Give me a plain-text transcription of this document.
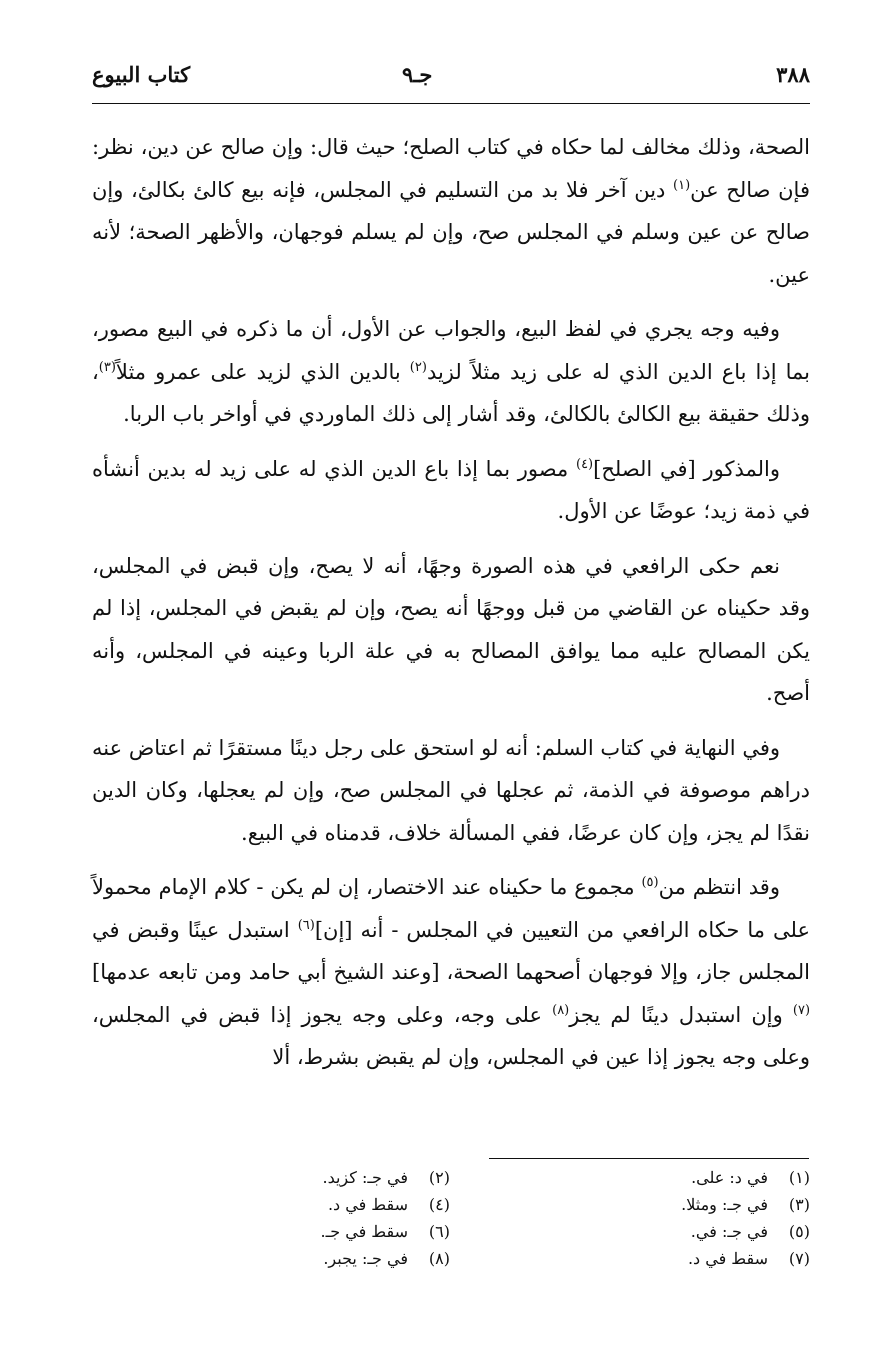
٣٨٨
جـ٩
كتاب البيوع

الصحة، وذلك مخالف لما حكاه في كتاب الصلح؛ حيث قال: وإن صالح عن دين، نظر: فإن صالح عن$^{(١)}$ دين آخر فلا بد من التسليم في المجلس، فإنه بيع كالئ بكالئ، وإن صالح عن عين وسلم في المجلس صح، وإن لم يسلم فوجهان، والأظهر الصحة؛ لأنه عين.

وفيه وجه يجري في لفظ البيع، والجواب عن الأول، أن ما ذكره في البيع مصور، بما إذا باع الدين الذي له على زيد مثلاً لزيد$^{(٢)}$ بالدين الذي لزيد على عمرو مثلاً$^{(٣)}$، وذلك حقيقة بيع الكالئ بالكالئ، وقد أشار إلى ذلك الماوردي في أواخر باب الربا.

والمذكور [في الصلح]$^{(٤)}$ مصور بما إذا باع الدين الذي له على زيد له بدين أنشأه في ذمة زيد؛ عوضًا عن الأول.

نعم حكى الرافعي في هذه الصورة وجهًا، أنه لا يصح، وإن قبض في المجلس، وقد حكيناه عن القاضي من قبل ووجهًا أنه يصح، وإن لم يقبض في المجلس، إذا لم يكن المصالح عليه مما يوافق المصالح به في علة الربا وعينه في المجلس، وأنه أصح.

وفي النهاية في كتاب السلم: أنه لو استحق على رجل دينًا مستقرًا ثم اعتاض عنه دراهم موصوفة في الذمة، ثم عجلها في المجلس صح، وإن لم يعجلها، وكان الدين نقدًا لم يجز، وإن كان عرضًا، ففي المسألة خلاف، قدمناه في البيع.

وقد انتظم من$^{(٥)}$ مجموع ما حكيناه عند الاختصار، إن لم يكن - كلام الإمام محمولاً على ما حكاه الرافعي من التعيين في المجلس - أنه [إن]$^{(٦)}$ استبدل عينًا وقبض في المجلس جاز، وإلا فوجهان أصحهما الصحة، [وعند الشيخ أبي حامد ومن تابعه عدمها]$^{(٧)}$ وإن استبدل دينًا لم يجز$^{(٨)}$ على وجه، وعلى وجه يجوز إذا قبض في المجلس، وعلى وجه يجوز إذا عين في المجلس، وإن لم يقبض بشرط، ألا

(١)في د: على.
(٢)في جـ: كزيد.
(٣)في جـ: ومثلا.
(٤)سقط في د.
(٥)في جـ: في.
(٦)سقط في جـ.
(٧)سقط في د.
(٨)في جـ: يجبر.
